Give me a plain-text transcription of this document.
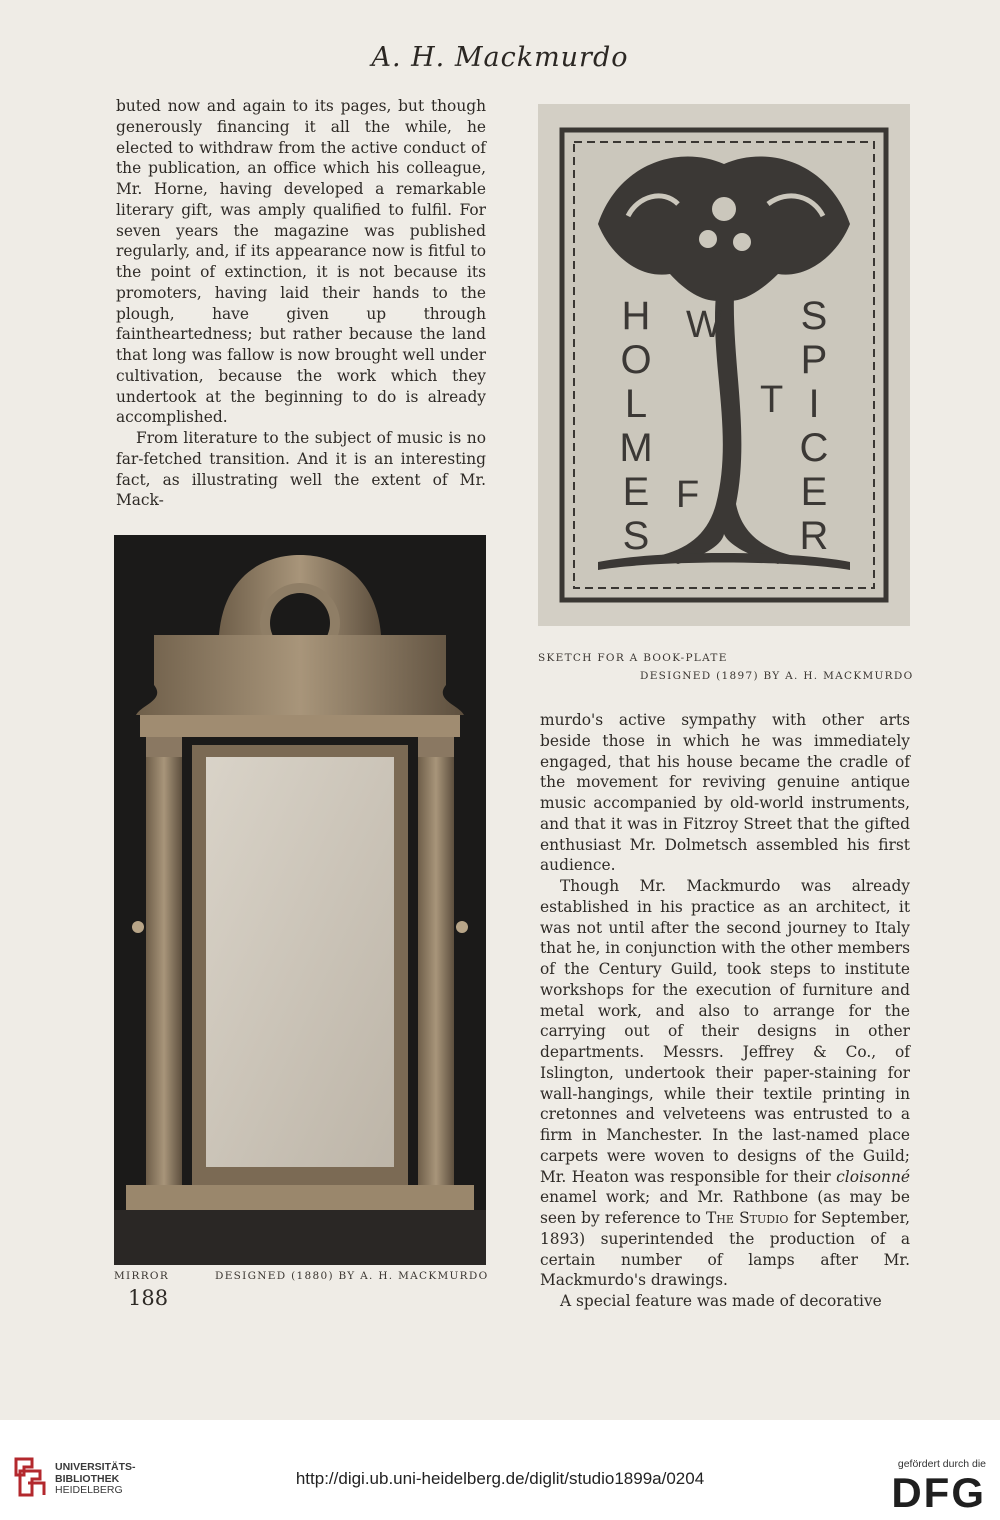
A. H. Mackmurdo

buted now and again to its pages, but though generously financing it all the while, he elected to withdraw from the active conduct of the publication, an office which his colleague, Mr. Horne, having developed a remarkable literary gift, was amply qualified to fulfil. For seven years the magazine was published regularly, and, if its appearance now is fitful to the point of extinction, it is not because its promoters, having laid their hands to the plough, have given up through faintheartedness; but rather because the land that long was fallow is now brought well under cultivation, because the work which they undertook at the beginning to do is already accomplished.

From literature to the subject of music is no far-fetched transition. And it is an interesting fact, as illustrating well the extent of Mr. Mack-

H
O
L
M
E
S
S
P
I
C
E
R
W
T
F
SKETCH FOR A BOOK-PLATE
DESIGNED (1897) BY A. H. MACKMURDO
MIRROR	DESIGNED (1880) BY A. H. MACKMURDO

murdo's active sympathy with other arts beside those in which he was immediately engaged, that his house became the cradle of the movement for reviving genuine antique music accompanied by old-world instruments, and that it was in Fitzroy Street that the gifted enthusiast Mr. Dolmetsch assembled his first audience.

Though Mr. Mackmurdo was already established in his practice as an architect, it was not until after the second journey to Italy that he, in conjunction with the other members of the Century Guild, took steps to institute workshops for the execution of furniture and metal work, and also to arrange for the carrying out of their designs in other departments. Messrs. Jeffrey & Co., of Islington, undertook their paper-staining for wall-hangings, while their textile printing in cretonnes and velveteens was entrusted to a firm in Manchester. In the last-named place carpets were woven to designs of the Guild; Mr. Heaton was responsible for their cloisonné enamel work; and Mr. Rathbone (as may be seen by reference to The Studio for September, 1893) superintended the production of a certain number of lamps after Mr. Mackmurdo's drawings.

A special feature was made of decorative

188
UNIVERSITÄTS-
BIBLIOTHEK
HEIDELBERG
http://digi.ub.uni-heidelberg.de/diglit/studio1899a/0204
gefördert durch die
DFG
